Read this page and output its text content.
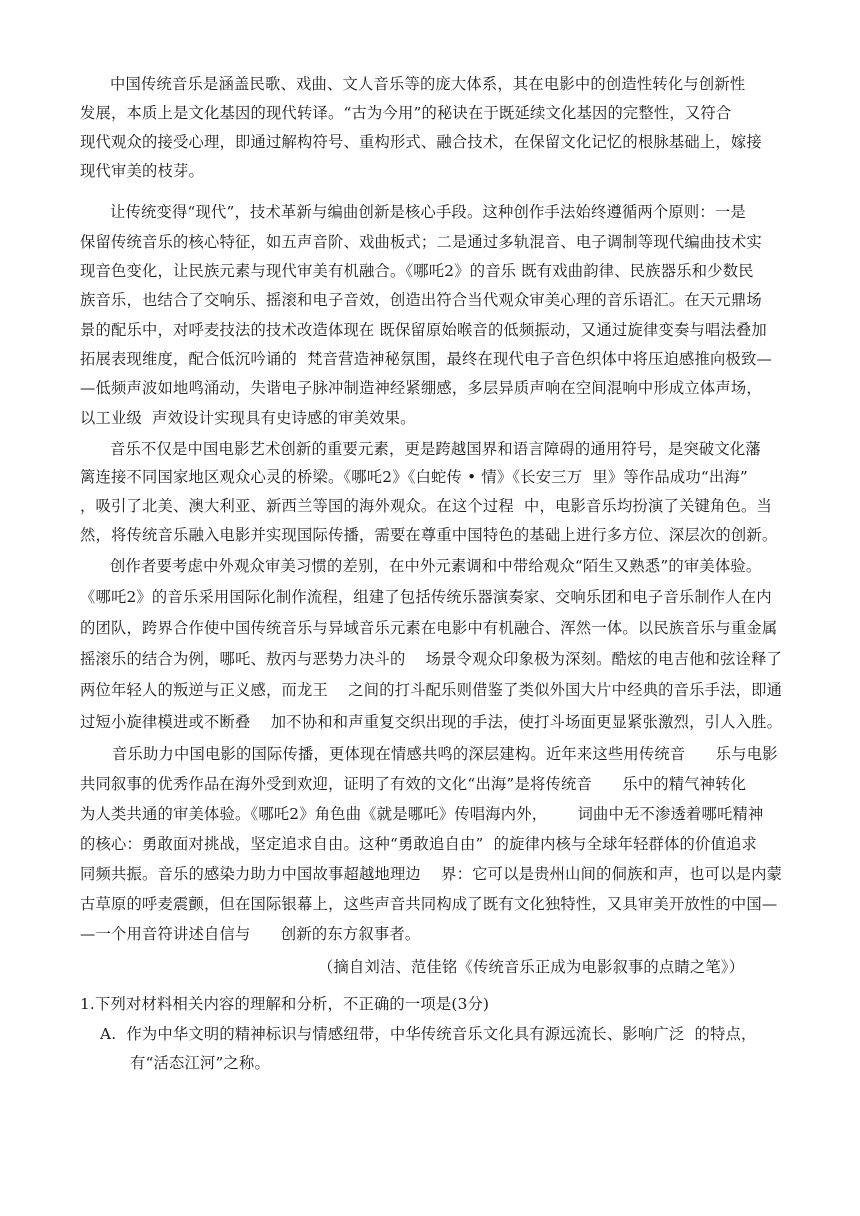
中国传统音乐是涵盖民歌、戏曲、文人音乐等的庞大体系，其在电影中的创造性转化与创新性
发展，本质上是文化基因的现代转译。“古为今用”的秘诀在于既延续文化基因的完整性，又符合
现代观众的接受心理，即通过解构符号、重构形式、融合技术，在保留文化记忆的根脉基础上，嫁接
现代审美的枝芽。
让传统变得“现代”，技术革新与编曲创新是核心手段。这种创作手法始终遵循两个原则：一是
保留传统音乐的核心特征，如五声音阶、戏曲板式；二是通过多轨混音、电子调制等现代编曲技术实
现音色变化，让民族元素与现代审美有机融合。《哪吒2》的音乐 既有戏曲韵律、民族器乐和少数民
族音乐，也结合了交响乐、摇滚和电子音效，创造出符合当代观众审美心理的音乐语汇。在天元鼎场
景的配乐中，对呼麦技法的技术改造体现在 既保留原始喉音的低频振动，又通过旋律变奏与唱法叠加
拓展表现维度，配合低沉吟诵的  梵音营造神秘氛围，最终在现代电子音色织体中将压迫感推向极致—
—低频声波如地鸣涌动，失谐电子脉冲制造神经紧绷感，多层异质声响在空间混响中形成立体声场，
以工业级  声效设计实现具有史诗感的审美效果。
音乐不仅是中国电影艺术创新的重要元素，更是跨越国界和语言障碍的通用符号，是突破文化藩
篱连接不同国家地区观众心灵的桥梁。《哪吒2》《白蛇传 • 情》《长安三万  里》等作品成功“出海”
，吸引了北美、澳大利亚、新西兰等国的海外观众。在这个过程  中，电影音乐均扮演了关键角色。当
然，将传统音乐融入电影并实现国际传播，需要在尊重中国特色的基础上进行多方位、深层次的创新。
创作者要考虑中外观众审美习惯的差别，在中外元素调和中带给观众“陌生又熟悉”的审美体验。
《哪吒2》的音乐采用国际化制作流程，组建了包括传统乐器演奏家、交响乐团和电子音乐制作人在内
的团队，跨界合作使中国传统音乐与异域音乐元素在电影中有机融合、浑然一体。以民族音乐与重金属
摇滚乐的结合为例，哪吒、敖丙与恶势力决斗的    场景令观众印象极为深刻。酷炫的电吉他和弦诠释了
两位年轻人的叛逆与正义感，而龙王    之间的打斗配乐则借鉴了类似外国大片中经典的音乐手法，即通
过短小旋律模进或不断叠    加不协和和声重复交织出现的手法，使打斗场面更显紧张激烈，引人入胜。
音乐助力中国电影的国际传播，更体现在情感共鸣的深层建构。近年来这些用传统音      乐与电影
共同叙事的优秀作品在海外受到欢迎，证明了有效的文化“出海”是将传统音      乐中的精气神转化
为人类共通的审美体验。《哪吒2》角色曲《就是哪吒》传唱海内外，      词曲中无不渗透着哪吒精神
的核心：勇敢面对挑战，坚定追求自由。这种“勇敢追自由”  的旋律内核与全球年轻群体的价值追求
同频共振。音乐的感染力助力中国故事超越地理边    界：它可以是贵州山间的侗族和声，也可以是内蒙
古草原的呼麦震颤，但在国际银幕上，这些声音共同构成了既有文化独特性，又具审美开放性的中国—
—一个用音符讲述自信与      创新的东方叙事者。
（摘自刘洁、范佳铭《传统音乐正成为电影叙事的点睛之笔》）
1.下列对材料相关内容的理解和分析，不正确的一项是(3分)
A.  作为中华文明的精神标识与情感纽带，中华传统音乐文化具有源远流长、影响广泛  的特点，
有“活态江河”之称。
